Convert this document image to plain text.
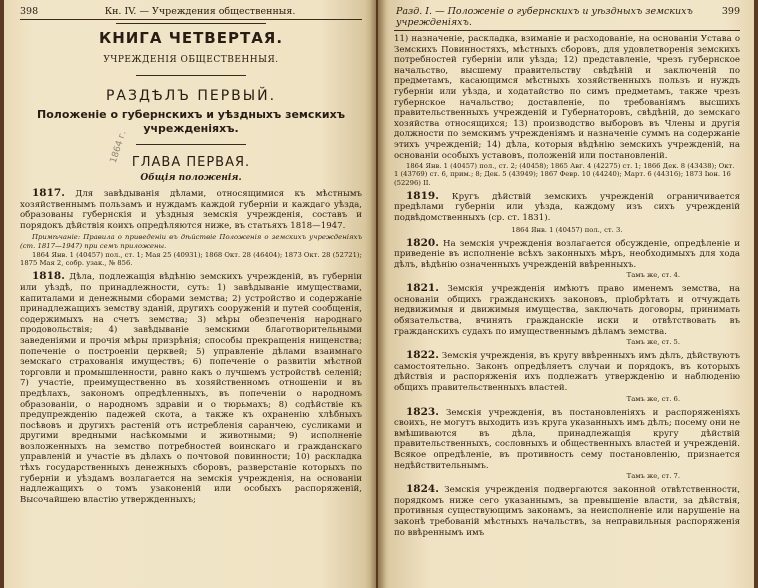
398	Кн. IV. — Учреждения общественныя.
КНИГА ЧЕТВЕРТАЯ.
УЧРЕЖДЕНІЯ ОБЩЕСТВЕННЫЯ.
РАЗДѢЛЪ ПЕРВЫЙ.
Положеніе о губернскихъ и уѣздныхъ земскихъ учрежденіяхъ.
ГЛАВА ПЕРВАЯ.
Общія положенія.

1817. Для завѣдыванія дѣлами, относящимися къ мѣстнымъ хозяйственнымъ пользамъ и нуждамъ каждой губерніи и каждаго уѣзда, образованы губернскія и уѣздныя земскія учрежденія, составъ и порядокъ дѣйствія коихъ опредѣляются ниже, въ статьяхъ 1818—1947.

Примѣчаніе: Правила о приведеніи въ дѣйствіе Положенія о земскихъ учрежденіяхъ (ст. 1817—1947) при семъ приложены.

1864 Янв. 1 (40457) пол., ст. 1; Мая 25 (40931); 1868 Окт. 28 (46404); 1873 Окт. 28 (52721); 1875 Мая 2, собр. узак., № 856.

1818. Дѣла, подлежащія вѣдѣнію земскихъ учрежденій, въ губерніи или уѣздѣ, по принадлежности, суть: 1) завѣдываніе имуществами, капиталами и денежными сборами земства; 2) устройство и содержаніе принадлежащихъ земству зданій, другихъ сооруженій и путей сообщенія, содержимыхъ на счетъ земства; 3) мѣры обезпеченія народнаго продовольствія; 4) завѣдываніе земскими благотворительными заведеніями и прочія мѣры призрѣнія; способы прекращенія нищенства; попеченіе о построеніи церквей; 5) управленіе дѣлами взаимнаго земскаго страхованія имуществъ; 6) попеченіе о развитіи мѣстной торговли и промышленности, равно какъ о лучшемъ устройствѣ селеній; 7) участіе, преимущественно въ хозяйственномъ отношеніи и въ предѣлахъ, закономъ опредѣленныхъ, въ попеченіи о народномъ образованіи, о народномъ здравіи и о тюрьмахъ; 8) содѣйствіе къ предупрежденію падежей скота, а также къ охраненію хлѣбныхъ посѣвовъ и другихъ растеній отъ истребленія саранчею, сусликами и другими вредными насѣкомыми и животными; 9) исполненіе возложенныхъ на земство потребностей воинскаго и гражданскаго управленій и участіе въ дѣлахъ о почтовой повинности; 10) раскладка тѣхъ государственныхъ денежныхъ сборовъ, разверстаніе которыхъ по губерніи и уѣздамъ возлагается на земскія учрежденія, на основаніи надлежащихъ о томъ узаконеній или особыхъ распоряженій, Высочайшею властію утвержденныхъ;

1864 г.
Разд. I. — Положеніе о губернскихъ и уѣздныхъ земскихъ учрежденіяхъ.
399

11) назначеніе, раскладка, взиманіе и расходованіе, на основаніи Устава о Земскихъ Повинностяхъ, мѣстныхъ сборовъ, для удовлетворенія земскихъ потребностей губерніи или уѣзда; 12) представленіе, чрезъ губернское начальство, высшему правительству свѣдѣній и заключеній по предметамъ, касающимся мѣстныхъ хозяйственныхъ пользъ и нуждъ губерніи или уѣзда, и ходатайство по симъ предметамъ, также чрезъ губернское начальство; доставленіе, по требованіямъ высшихъ правительственныхъ учрежденій и Губернаторовъ, свѣдѣній, до земскаго хозяйства относящихся; 13) производство выборовъ въ Члены и другія должности по земскимъ учрежденіямъ и назначеніе суммъ на содержаніе этихъ учрежденій; 14) дѣла, которыя вѣдѣнію земскихъ учрежденій, на основаніи особыхъ уставовъ, положеній или постановленій.

1864 Янв. 1 (40457) пол., ст. 2; (40458); 1865 Авг. 4 (42275) ст. 1; 1866 Дек. 8 (43438); Окт. 1 (43769) ст. 6, прим.; 8; Дек. 5 (43949); 1867 Февр. 10 (44240); Март. 6 (44316); 1873 Іюн. 16 (52296) II.

1819. Кругъ дѣйствій земскихъ учрежденій ограничивается предѣлами губерніи или уѣзда, каждому изъ сихъ учрежденій подвѣдомственныхъ (ср. ст. 1831).

1864 Янв. 1 (40457) пол., ст. 3.

1820. На земскія учрежденія возлагается обсужденіе, опредѣленіе и приведеніе въ исполненіе всѣхъ законныхъ мѣръ, необходимыхъ для хода дѣлъ, вѣдѣнію означенныхъ учрежденій ввѣренныхъ.

Тамъ же, ст. 4.

1821. Земскія учрежденія имѣютъ право именемъ земства, на основаніи общихъ гражданскихъ законовъ, пріобрѣтать и отчуждать недвижимыя и движимыя имущества, заключать договоры, принимать обязательства, вчинять гражданскіе иски и отвѣтствовать въ гражданскихъ судахъ по имущественнымъ дѣламъ земства.

Тамъ же, ст. 5.

1822. Земскія учрежденія, въ кругу ввѣренныхъ имъ дѣлъ, дѣйствуютъ самостоятельно. Законъ опредѣляетъ случаи и порядокъ, въ которыхъ дѣйствія и распоряженія ихъ подлежатъ утвержденію и наблюденію общихъ правительственныхъ властей.

Тамъ же, ст. 6.

1823. Земскія учрежденія, въ постановленіяхъ и распоряженіяхъ своихъ, не могутъ выходить изъ круга указанныхъ имъ дѣлъ; посему они не вмѣшиваются въ дѣла, принадлежащія кругу дѣйствій правительственныхъ, сословныхъ и общественныхъ властей и учрежденій. Всякое опредѣленіе, въ противность сему постановленію, признается недѣйствительнымъ.

Тамъ же, ст. 7.

1824. Земскія учрежденія подвергаются законной отвѣтственности, порядкомъ ниже сего указаннымъ, за превышеніе власти, за дѣйствія, противныя существующимъ законамъ, за неисполненіе или нарушеніе на законѣ требованій мѣстныхъ начальствъ, за неправильныя распоряженія по ввѣреннымъ имъ
